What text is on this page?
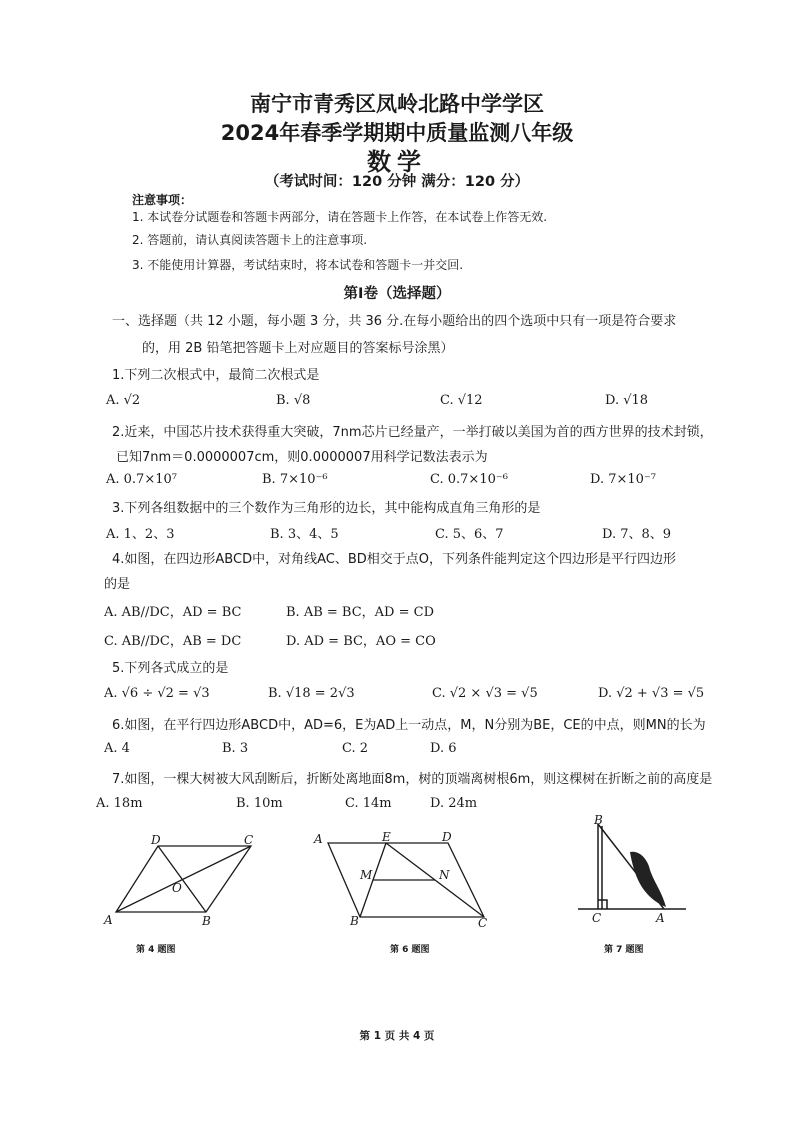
南宁市青秀区凤岭北路中学学区
2024年春季学期期中质量监测八年级
数学
（考试时间：120 分钟 满分：120 分）
注意事项：
1. 本试卷分试题卷和答题卡两部分，请在答题卡上作答，在本试卷上作答无效.
2. 答题前，请认真阅读答题卡上的注意事项.
3. 不能使用计算器，考试结束时，将本试卷和答题卡一并交回.
第Ⅰ卷（选择题）
一、选择题（共 12 小题，每小题 3 分，共 36 分.在每小题给出的四个选项中只有一项是符合要求
的，用 2B 铅笔把答题卡上对应题目的答案标号涂黑）
1.下列二次根式中，最简二次根式是
A. √2	B. √8	C. √12	D. √18
2.近来，中国芯片技术获得重大突破，7nm芯片已经量产，一举打破以美国为首的西方世界的技术封锁，
已知7nm＝0.0000007cm，则0.0000007用科学记数法表示为
A. 0.7×10⁷	B. 7×10⁻⁶	C. 0.7×10⁻⁶	D. 7×10⁻⁷
3.下列各组数据中的三个数作为三角形的边长，其中能构成直角三角形的是
A. 1、2、3	B. 3、4、5	C. 5、6、7	D. 7、8、9
4.如图，在四边形ABCD中，对角线AC、BD相交于点O，下列条件能判定这个四边形是平行四边形
的是
A. AB//DC，AD = BC	B. AB = BC，AD = CD
C. AB//DC，AB = DC	D. AD = BC，AO = CO
5.下列各式成立的是
A. √6 ÷ √2 = √3	B. √18 = 2√3	C. √2 × √3 = √5	D. √2 + √3 = √5
6.如图，在平行四边形ABCD中，AD=6，E为AD上一动点，M，N分别为BE，CE的中点，则MN的长为
A. 4	B. 3	C. 2	D. 6
7.如图，一棵大树被大风刮断后，折断处离地面8m，树的顶端离树根6m，则这棵树在折断之前的高度是
A. 18m	B. 10m	C. 14m	D. 24m
D	C
O
A	B
第 4 题图
A	E	D
M	N
B	C
第 6 题图
B
C	A
第 7 题图
第 1 页 共 4 页
